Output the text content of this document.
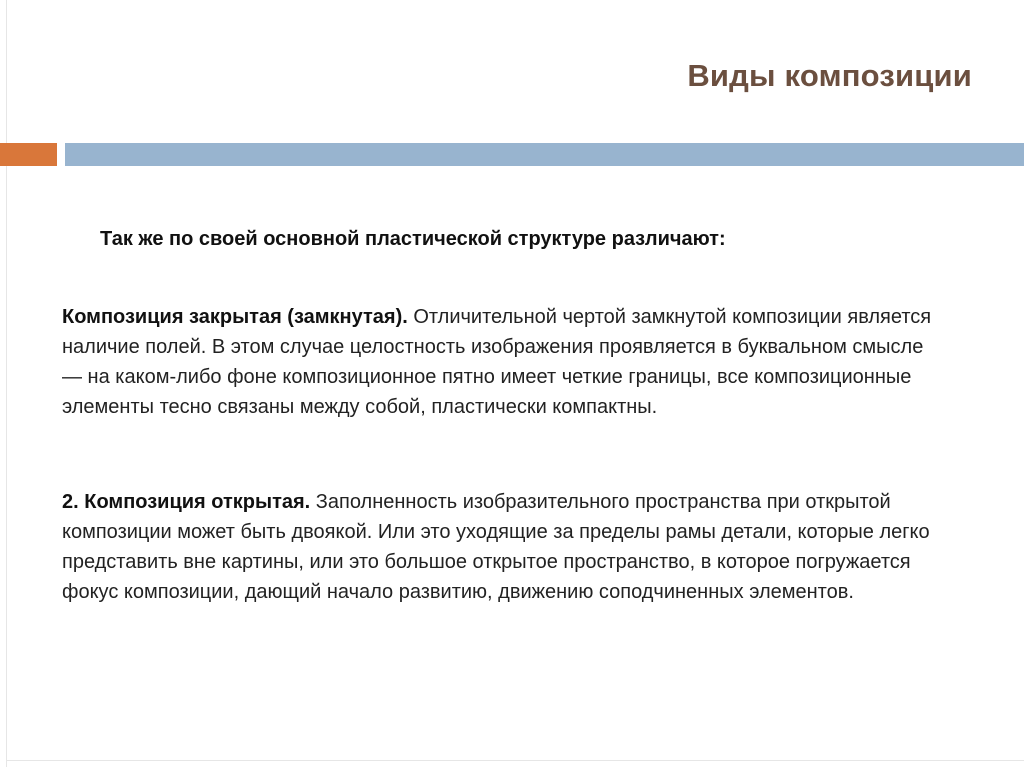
Виды композиции
Так же по своей основной пластической структуре различают:
Композиция закрытая (замкнутая). Отличительной чертой замкнутой композиции является наличие полей. В этом случае целостность изображения проявляется в буквальном смысле — на каком-либо фоне композиционное пятно имеет четкие границы, все композиционные элементы тесно связаны между собой, пластически компактны.
2. Композиция открытая. Заполненность изобразительного пространства при открытой композиции может быть двоякой. Или это уходящие за пределы рамы детали, которые легко представить вне картины, или это большое открытое пространство, в которое погружается фокус композиции, дающий начало развитию, движению соподчиненных элементов.
